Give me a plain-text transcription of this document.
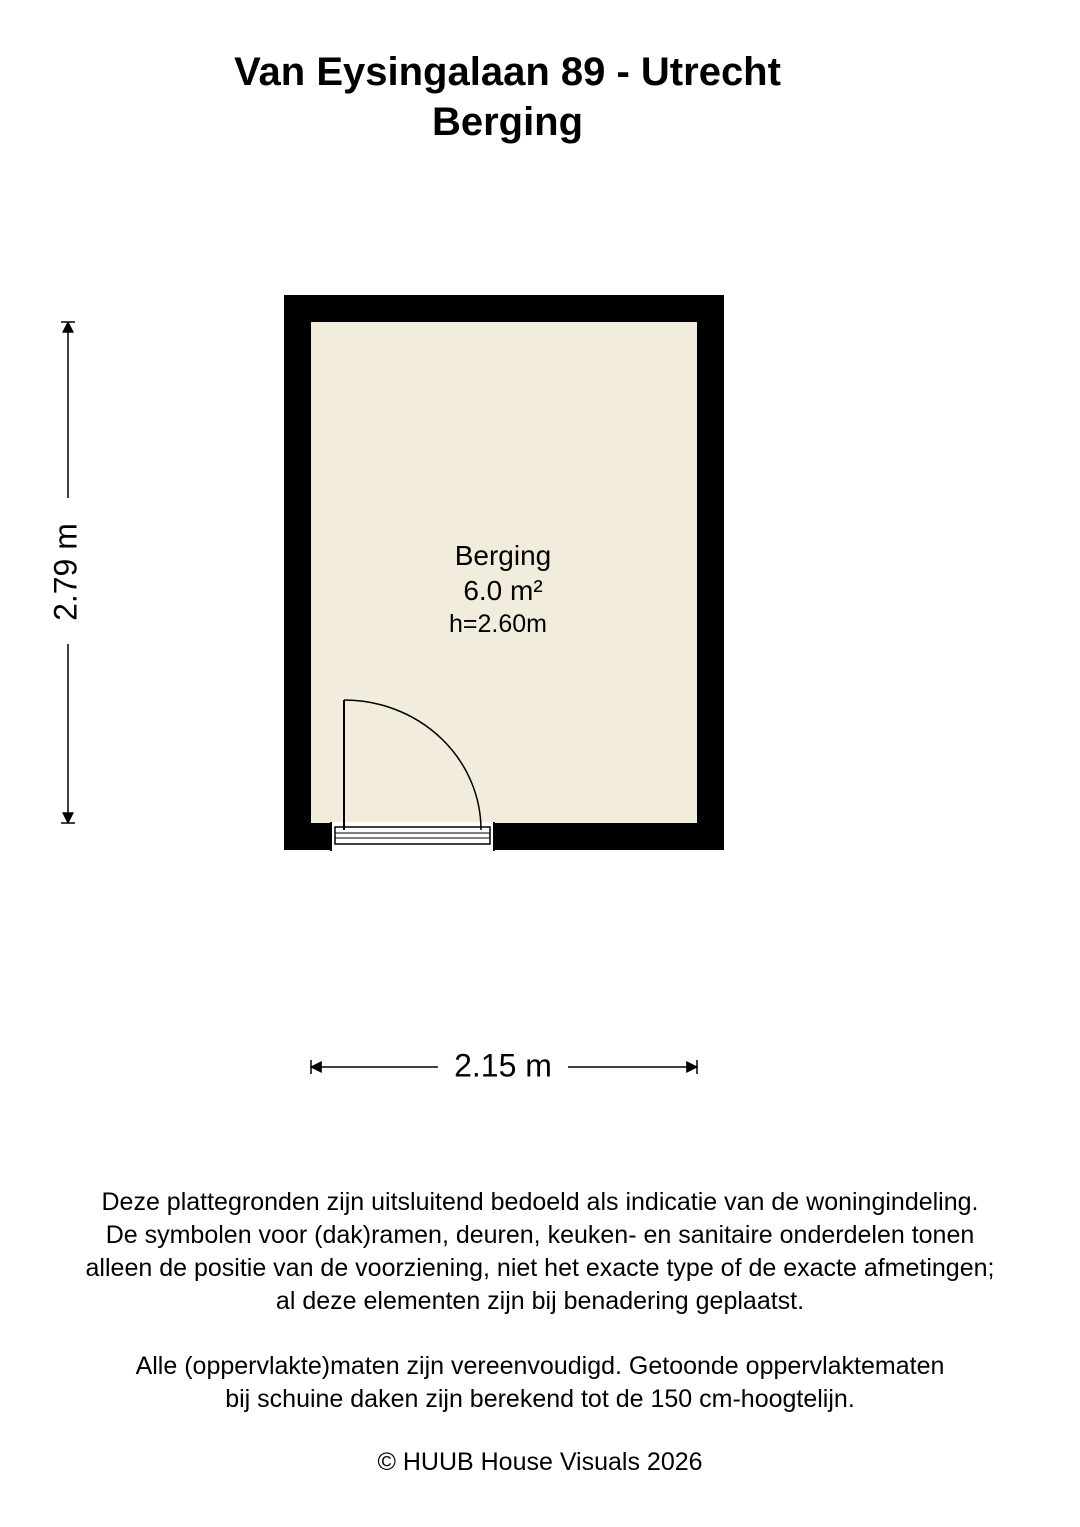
Van Eysingalaan 89 - Utrecht
Berging
Berging
6.0 m²
h=2.60m
2.79 m
2.15 m
Deze plattegronden zijn uitsluitend bedoeld als indicatie van de woningindeling.
De symbolen voor (dak)ramen, deuren, keuken- en sanitaire onderdelen tonen
alleen de positie van de voorziening, niet het exacte type of de exacte afmetingen;
al deze elementen zijn bij benadering geplaatst.
Alle (oppervlakte)maten zijn vereenvoudigd. Getoonde oppervlaktematen
bij schuine daken zijn berekend tot de 150 cm-hoogtelijn.
© HUUB House Visuals 2026
